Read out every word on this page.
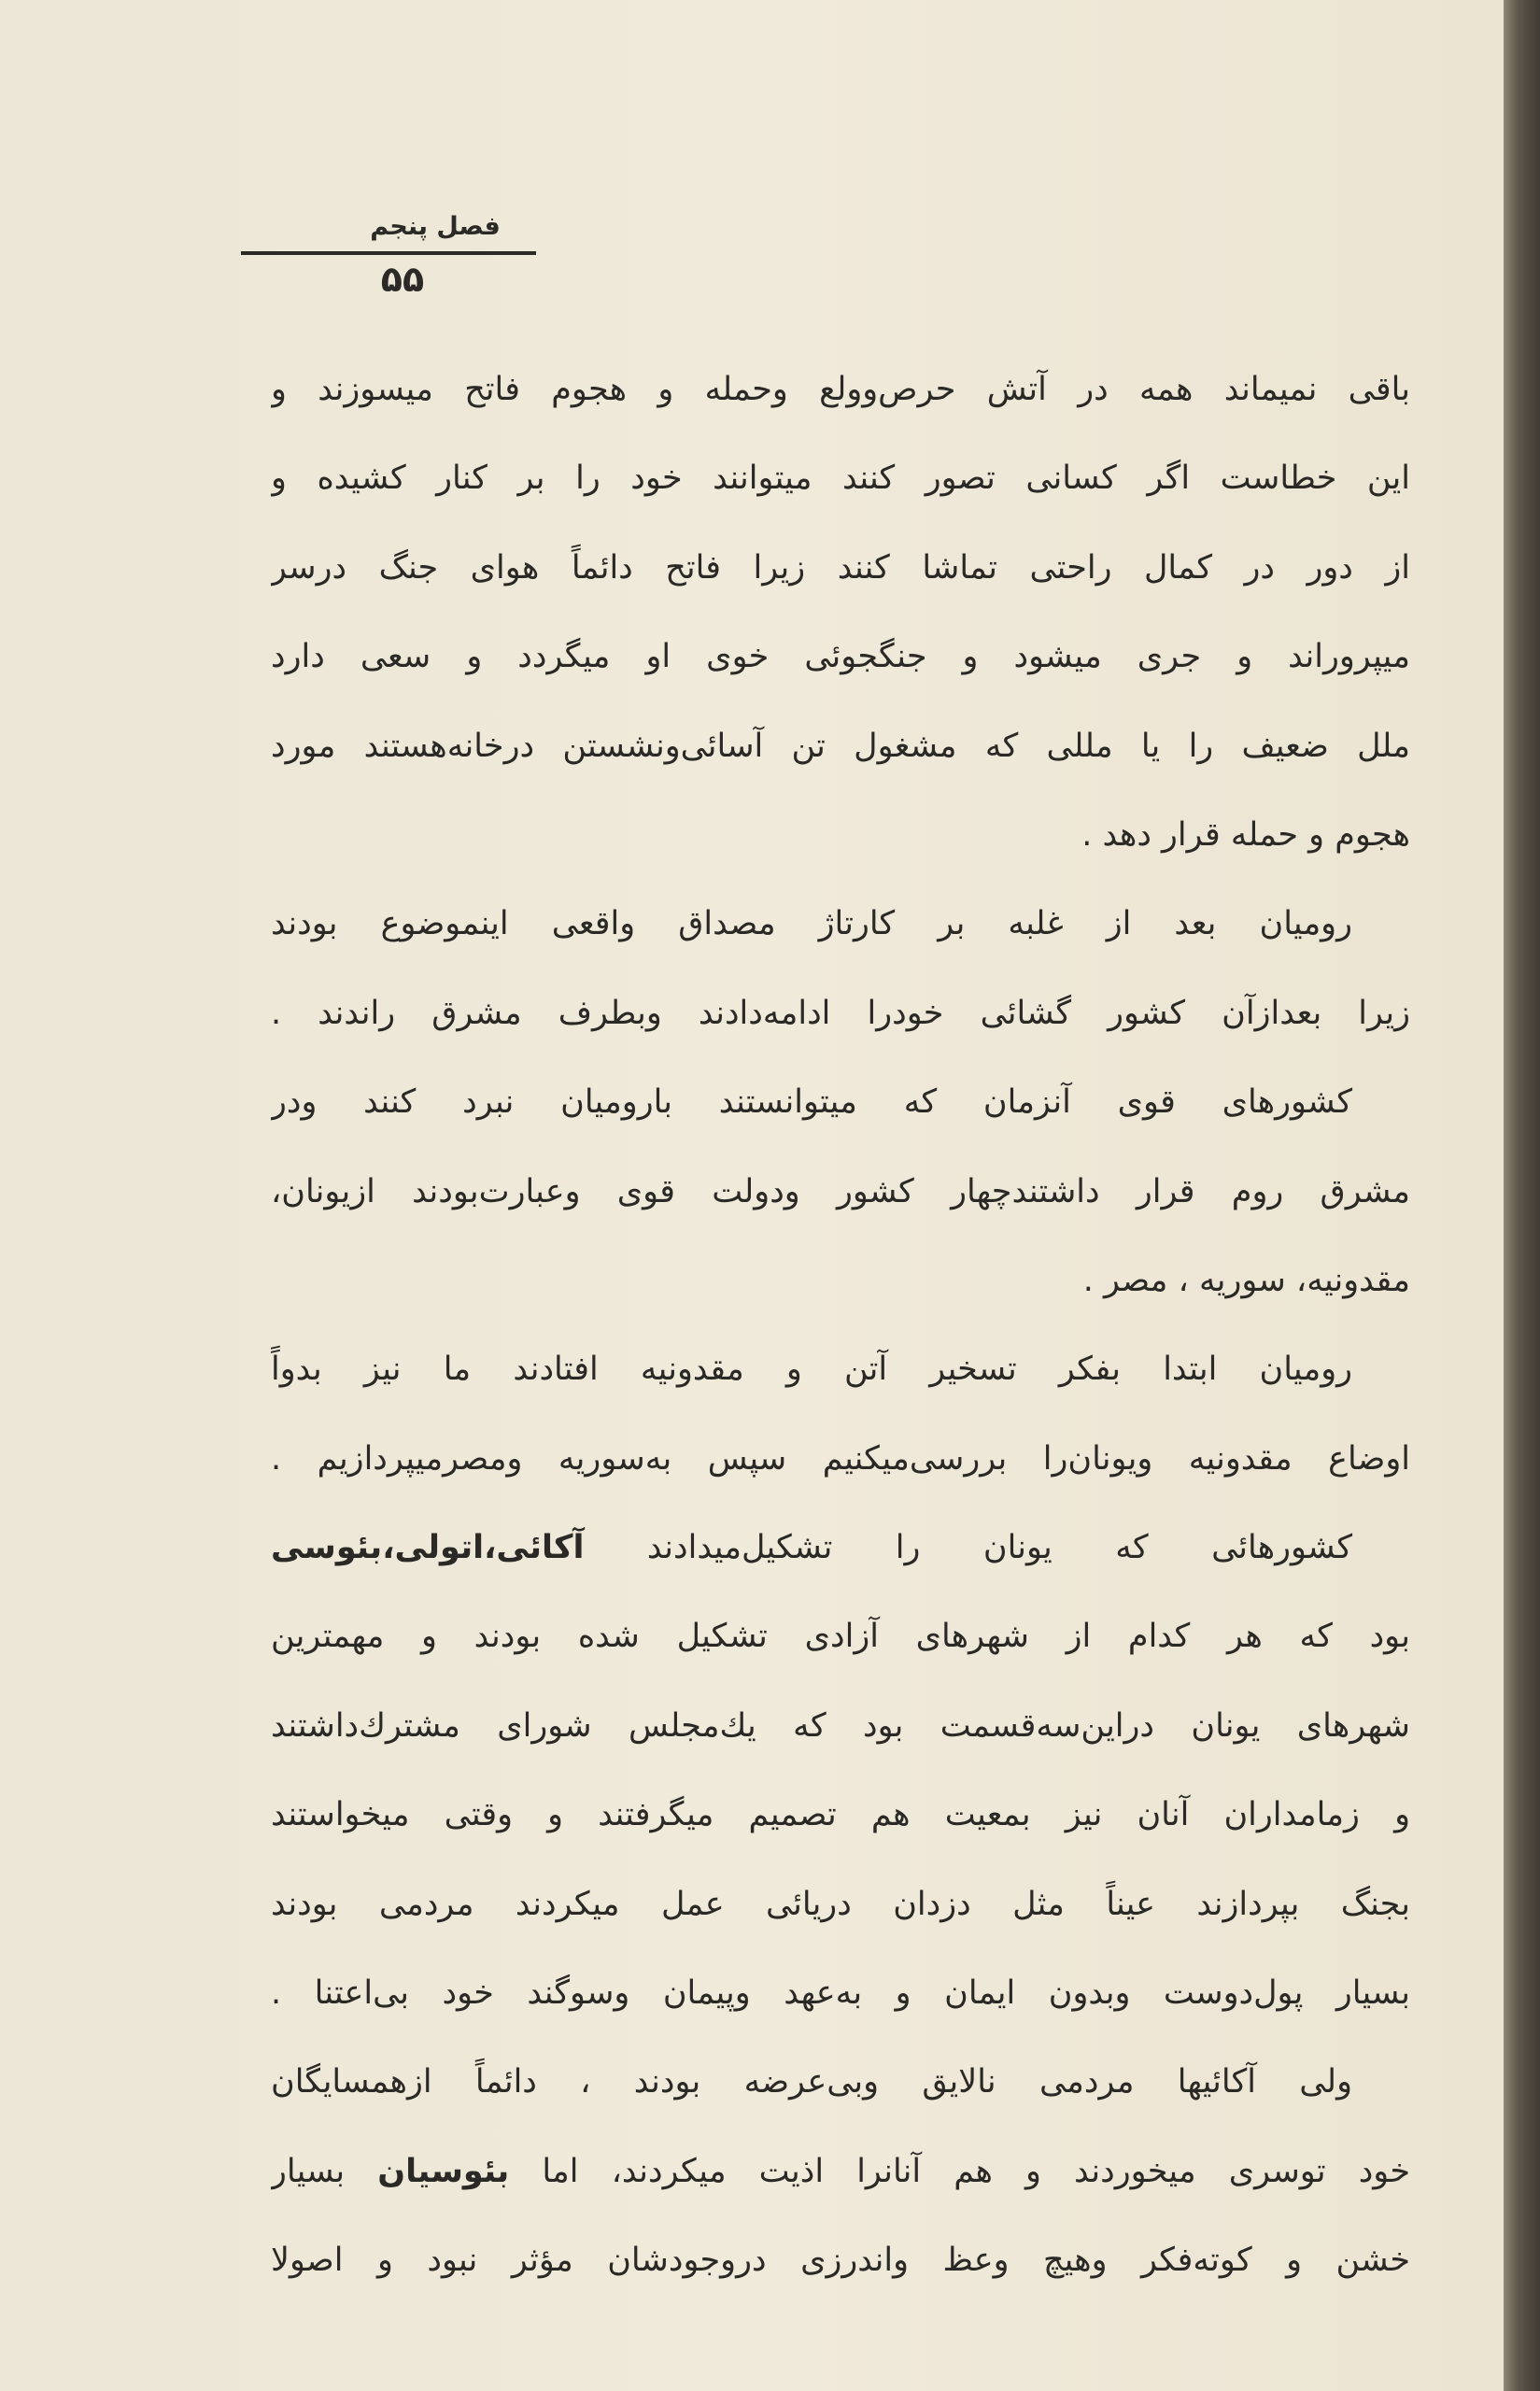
فصل پنجم
۵۵
باقی نمیماند همه در آتش حرص‌وولع وحمله و هجوم فاتح میسوزند و
این خطاست اگر کسانی تصور کنند میتوانند خود را بر کنار کشیده و
از دور در کمال راحتی تماشا کنند زیرا فاتح دائماً هوای جنگ درسر
میپروراند و جری میشود و جنگجوئی خوی او میگردد و سعی دارد
ملل ضعیف را یا مللی که مشغول تن آسائی‌ونشستن درخانه‌هستند مورد
هجوم و حمله قرار دهد .
رومیان بعد از غلبه بر کارتاژ مصداق واقعی اینموضوع بودند
زیرا بعدازآن کشور گشائی خودرا ادامه‌دادند وبطرف مشرق راندند .
کشورهای قوی آنزمان که میتوانستند بارومیان نبرد کنند ودر
مشرق روم قرار داشتندچهار کشور ودولت قوی وعبارت‌بودند ازیونان،
مقدونیه، سوریه ، مصر .
رومیان ابتدا بفکر تسخیر آتن و مقدونیه افتادند ما نیز بدواً
اوضاع مقدونیه ویونان‌را بررسی‌میکنیم سپس به‌سوریه ومصرمیپردازیم .
کشورهائی که یونان را تشکیل‌میدادند آکائی،اتولی،بئوسی
بود که هر کدام از شهرهای آزادی تشکیل شده بودند و مهمترین
شهرهای یونان دراین‌سه‌قسمت بود که یك‌مجلس شورای مشترك‌داشتند
و زمامداران آنان نیز بمعیت هم تصمیم میگرفتند و وقتی میخواستند
بجنگ بپردازند عیناً مثل دزدان دریائی عمل میکردند مردمی بودند
بسیار پول‌دوست وبدون ایمان و به‌عهد وپیمان وسوگند خود بی‌اعتنا .
ولی آکائیها مردمی نالایق وبی‌عرضه بودند ، دائماً ازهمسایگان
خود توسری میخوردند و هم آنانرا اذیت میکردند، اما بئوسیان بسیار
خشن و کوته‌فکر وهیچ وعظ واندرزی دروجودشان مؤثر نبود و اصولا
